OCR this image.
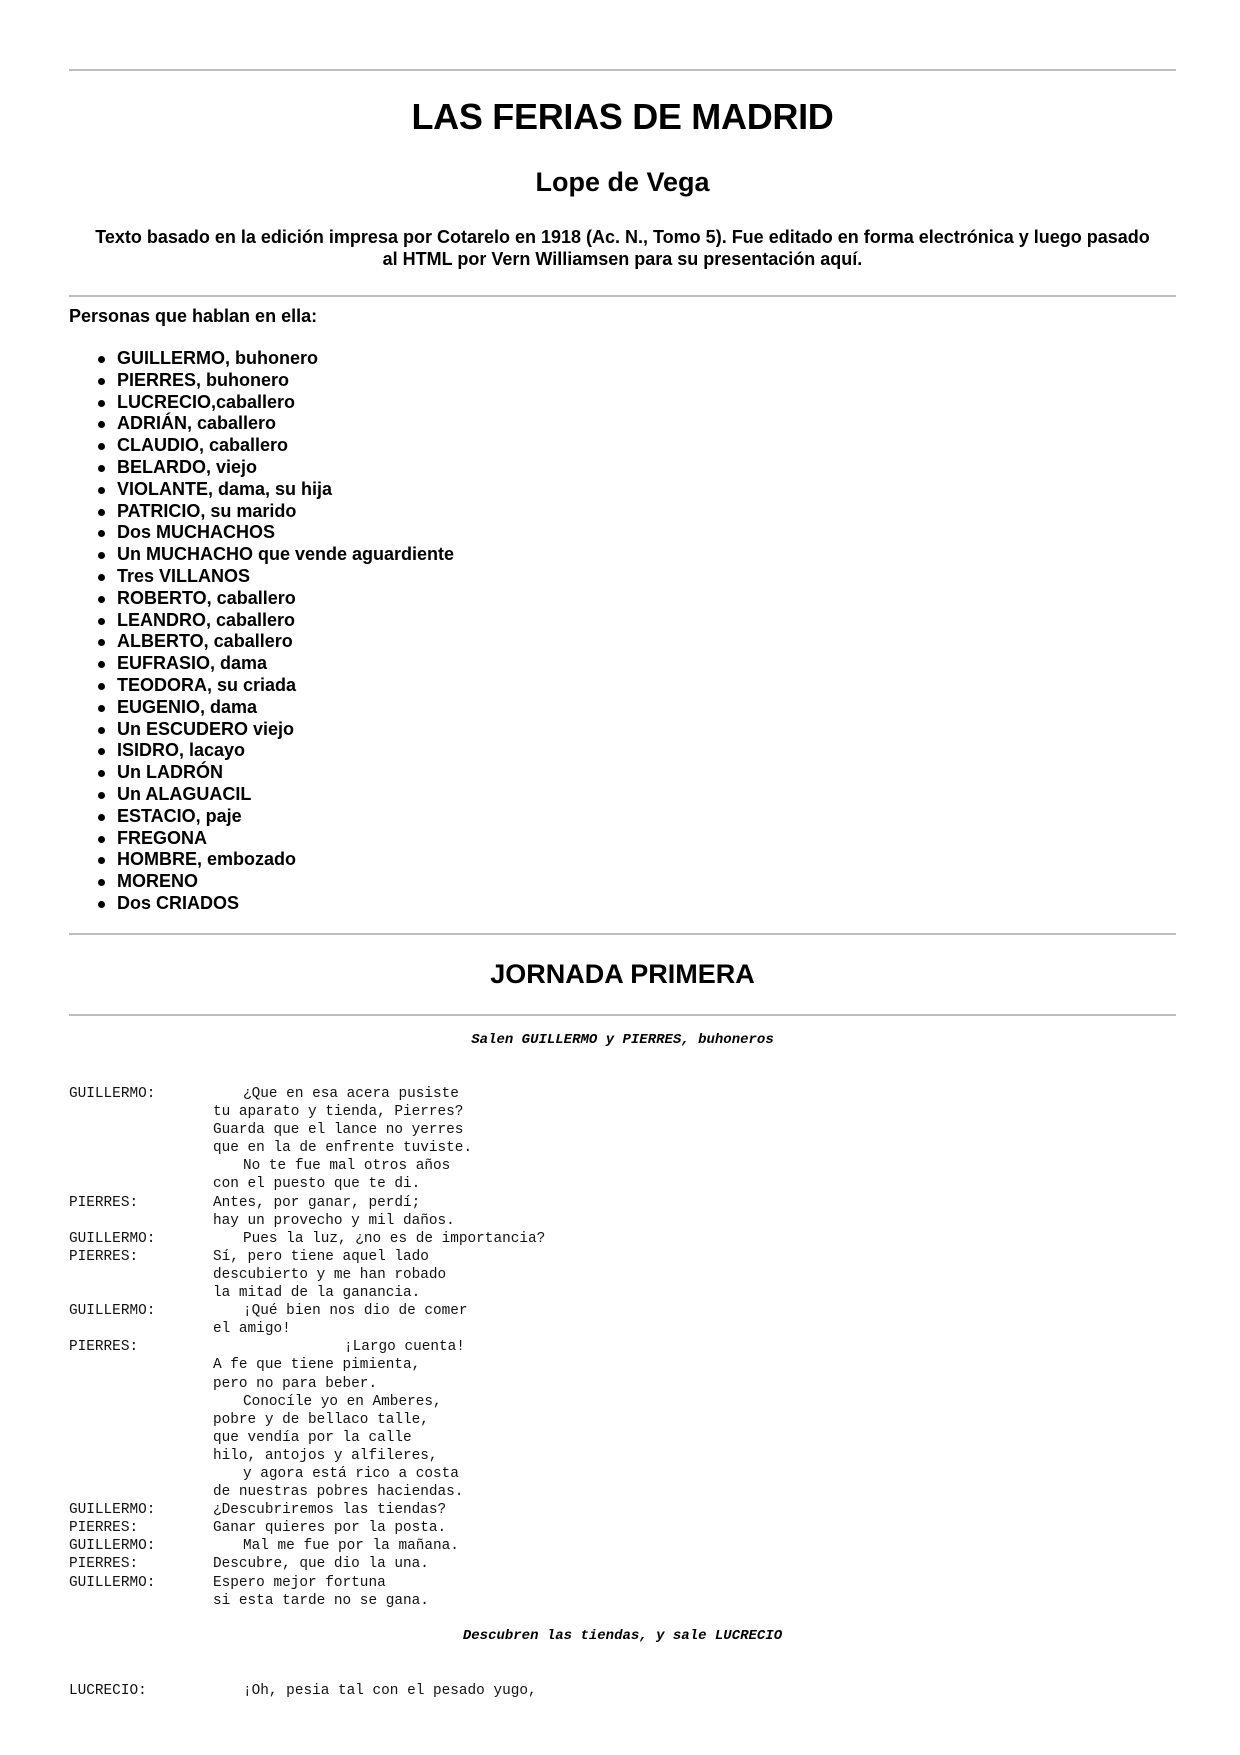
LAS FERIAS DE MADRID
Lope de Vega

Texto basado en la edición impresa por Cotarelo en 1918 (Ac. N., Tomo 5). Fue editado en forma electrónica y luego pasado al HTML por Vern Williamsen para su presentación aquí.

Personas que hablan en ella:

GUILLERMO, buhonero
PIERRES, buhonero
LUCRECIO,caballero
ADRIÁN, caballero
CLAUDIO, caballero
BELARDO, viejo
VIOLANTE, dama, su hija
PATRICIO, su marido
Dos MUCHACHOS
Un MUCHACHO que vende aguardiente
Tres VILLANOS
ROBERTO, caballero
LEANDRO, caballero
ALBERTO, caballero
EUFRASIO, dama
TEODORA, su criada
EUGENIO, dama
Un ESCUDERO viejo
ISIDRO, lacayo
Un LADRÓN
Un ALAGUACIL
ESTACIO, paje
FREGONA
HOMBRE, embozado
MORENO
Dos CRIADOS
JORNADA PRIMERA

Salen GUILLERMO y PIERRES, buhoneros

GUILLERMO:	¿Que en esa acera pusiste
tu aparato y tienda, Pierres?
Guarda que el lance no yerres
que en la de enfrente tuviste.
No te fue mal otros años
con el puesto que te di.
PIERRES:	Antes, por ganar, perdí;
hay un provecho y mil daños.
GUILLERMO:	Pues la luz, ¿no es de importancia?
PIERRES:	Sí, pero tiene aquel lado
descubierto y me han robado
la mitad de la ganancia.
GUILLERMO:	¡Qué bien nos dio de comer
el amigo!
PIERRES:	¡Largo cuenta!
A fe que tiene pimienta,
pero no para beber.
Conocíle yo en Amberes,
pobre y de bellaco talle,
que vendía por la calle
hilo, antojos y alfileres,
y agora está rico a costa
de nuestras pobres haciendas.
GUILLERMO:	¿Descubriremos las tiendas?
PIERRES:	Ganar quieres por la posta.
GUILLERMO:	Mal me fue por la mañana.
PIERRES:	Descubre, que dio la una.
GUILLERMO:	Espero mejor fortuna
si esta tarde no se gana.

Descubren las tiendas, y sale LUCRECIO

LUCRECIO:	¡Oh, pesia tal con el pesado yugo,
